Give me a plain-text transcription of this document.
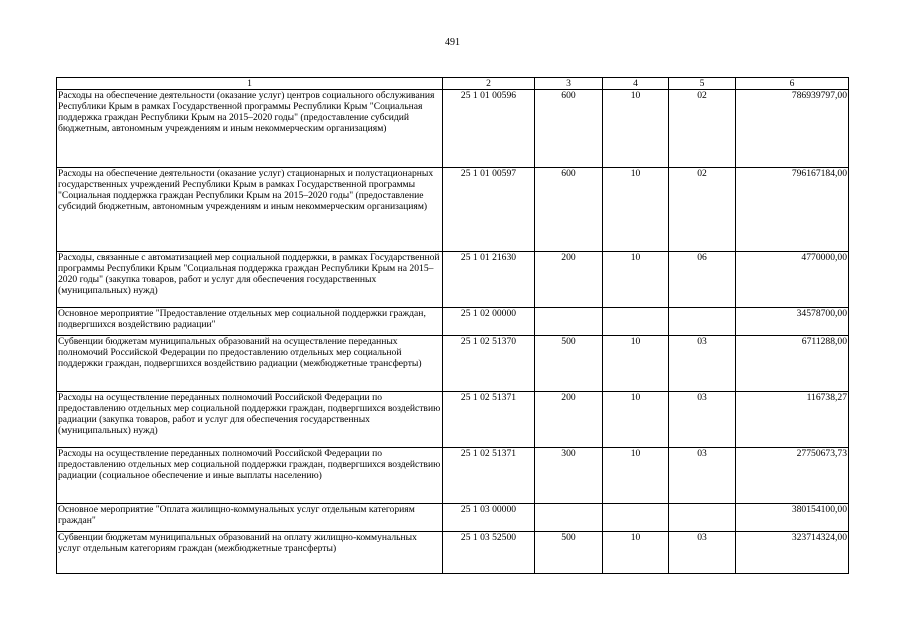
491
1	2	3	4	5	6
Расходы на обеспечение деятельности (оказание услуг) центров социального обслуживания Республики Крым в рамках Государственной программы Республики Крым "Социальная поддержка граждан Республики Крым на 2015–2020 годы" (предоставление субсидий бюджетным, автономным учреждениям и иным некоммерческим организациям)	25 1 01 00596	600	10	02	786939797,00
Расходы на обеспечение деятельности (оказание услуг) стационарных и полустационарных государственных учреждений Республики Крым в рамках Государственной программы "Социальная поддержка граждан Республики Крым на 2015–2020 годы" (предоставление субсидий бюджетным, автономным учреждениям и иным некоммерческим организациям)	25 1 01 00597	600	10	02	796167184,00
Расходы, связанные с автоматизацией мер социальной поддержки, в рамках Государственной программы Республики Крым "Социальная поддержка граждан Республики Крым на 2015–2020 годы" (закупка товаров, работ и услуг для обеспечения государственных (муниципальных) нужд)	25 1 01 21630	200	10	06	4770000,00
Основное мероприятие "Предоставление отдельных мер социальной поддержки граждан, подвергшихся воздействию радиации"	25 1 02 00000				34578700,00
Субвенции бюджетам муниципальных образований на осуществление переданных полномочий Российской Федерации по предоставлению отдельных мер социальной поддержки граждан, подвергшихся воздействию радиации (межбюджетные трансферты)	25 1 02 51370	500	10	03	6711288,00
Расходы на осуществление переданных полномочий Российской Федерации по предоставлению отдельных мер социальной поддержки граждан, подвергшихся воздействию радиации (закупка товаров, работ и услуг для обеспечения государственных (муниципальных) нужд)	25 1 02 51371	200	10	03	116738,27
Расходы на осуществление переданных полномочий Российской Федерации по предоставлению отдельных мер социальной поддержки граждан, подвергшихся воздействию радиации (социальное обеспечение и иные выплаты населению)	25 1 02 51371	300	10	03	27750673,73
Основное мероприятие "Оплата жилищно-коммунальных услуг отдельным категориям граждан"	25 1 03 00000				380154100,00
Субвенции бюджетам муниципальных образований на оплату жилищно-коммунальных услуг отдельным категориям граждан (межбюджетные трансферты)	25 1 03 52500	500	10	03	323714324,00
